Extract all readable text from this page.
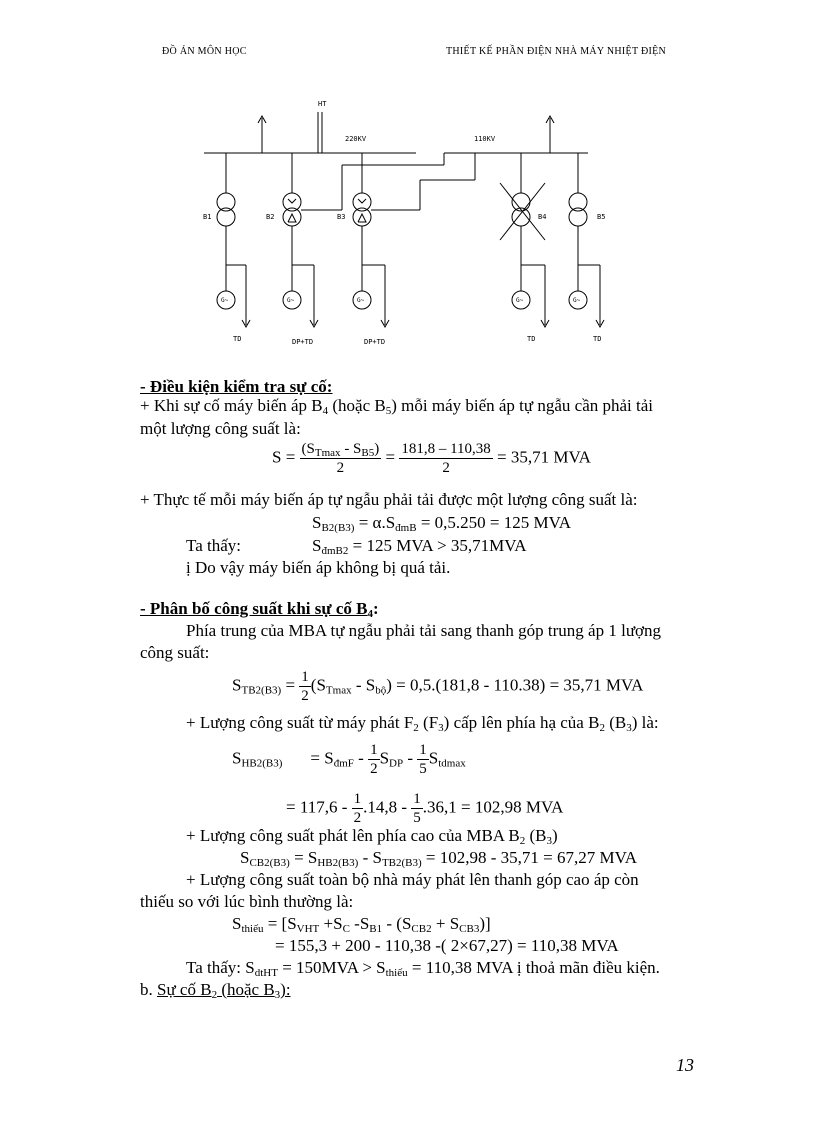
ĐỒ ÁN MÔN HỌC	THIẾT KẾ PHẦN ĐIỆN NHÀ MÁY NHIỆT ĐIỆN
HT
220KV	110KV
B1	B2	B3	B4	B5
TD	DP+TD	DP+TD	TD	TD
G~	G~	G~	G~	G~
- Điều kiện kiểm tra sự cố:
+ Khi sự cố máy biến áp $B_4$ (hoặc $B_5$) mỗi máy biến áp tự ngẫu cần phải tải
một lượng công suất là:
$S = (S_{Tmax} - S_{B5})$
2
= $\frac{181,8 - 110,38}{2} = 35,71$ MVA
+ Thực tế mỗi máy biến áp tự ngẫu phải tải được một lượng công suất là:
$S_{B2(B3)} = \alpha.S_{đmB} = 0,5.250 = 125$ MVA
Ta thấy:	$S_{đmB2} = 125$ MVA > 35,71MVA
ị Do vậy máy biến áp không bị quá tải.
- Phân bố công suất khi sự cố $B_4$:
Phía trung của MBA tự ngẫu phải tải sang thanh góp trung áp 1 lượng
công suất:
$S_{TB2(B3)} = \frac{1}{2} (S_{Tmax} - S_{bộ}) = 0,5.(181,8 - 110.38) = 35,71$ MVA
+ Lượng công suất từ máy phát $F_2$ $(F_3)$ cấp lên phía hạ của $B_2$ $(B_3)$ là:
$S_{HB2(B3)} = S_{đmF} - \frac{1}{2} S_{DP} - \frac{1}{5} S_{tdmax}$
= $117,6 - \frac{1}{2} .14,8 - \frac{1}{5} .36,1 = 102,98$ MVA
+ Lượng công suất phát lên phía cao của MBA $B_2$ $(B_3)$
$S_{CB2(B3)} = S_{HB2(B3)} - S_{TB2(B3)} = 102,98 - 35,71 = 67,27$ MVA
+ Lượng công suất toàn bộ nhà máy phát lên thanh góp cao áp còn
thiếu so với lúc bình thường là:
$S_{thiếu} = [S_{VHT} +S_C$ $-S_{B1} - (S_{CB2} + S_{CB3})$]
= 155,3 + 200 - 110,38 -( 2×67,27) = 110,38 MVA
Ta thấy: $S_{dtHT} = 150MVA > S_{thiếu} = 110,38$ MVA ị thoả mãn điều kiện.
b. Sự cố $B_2$ (hoặc $B_3$):
13
